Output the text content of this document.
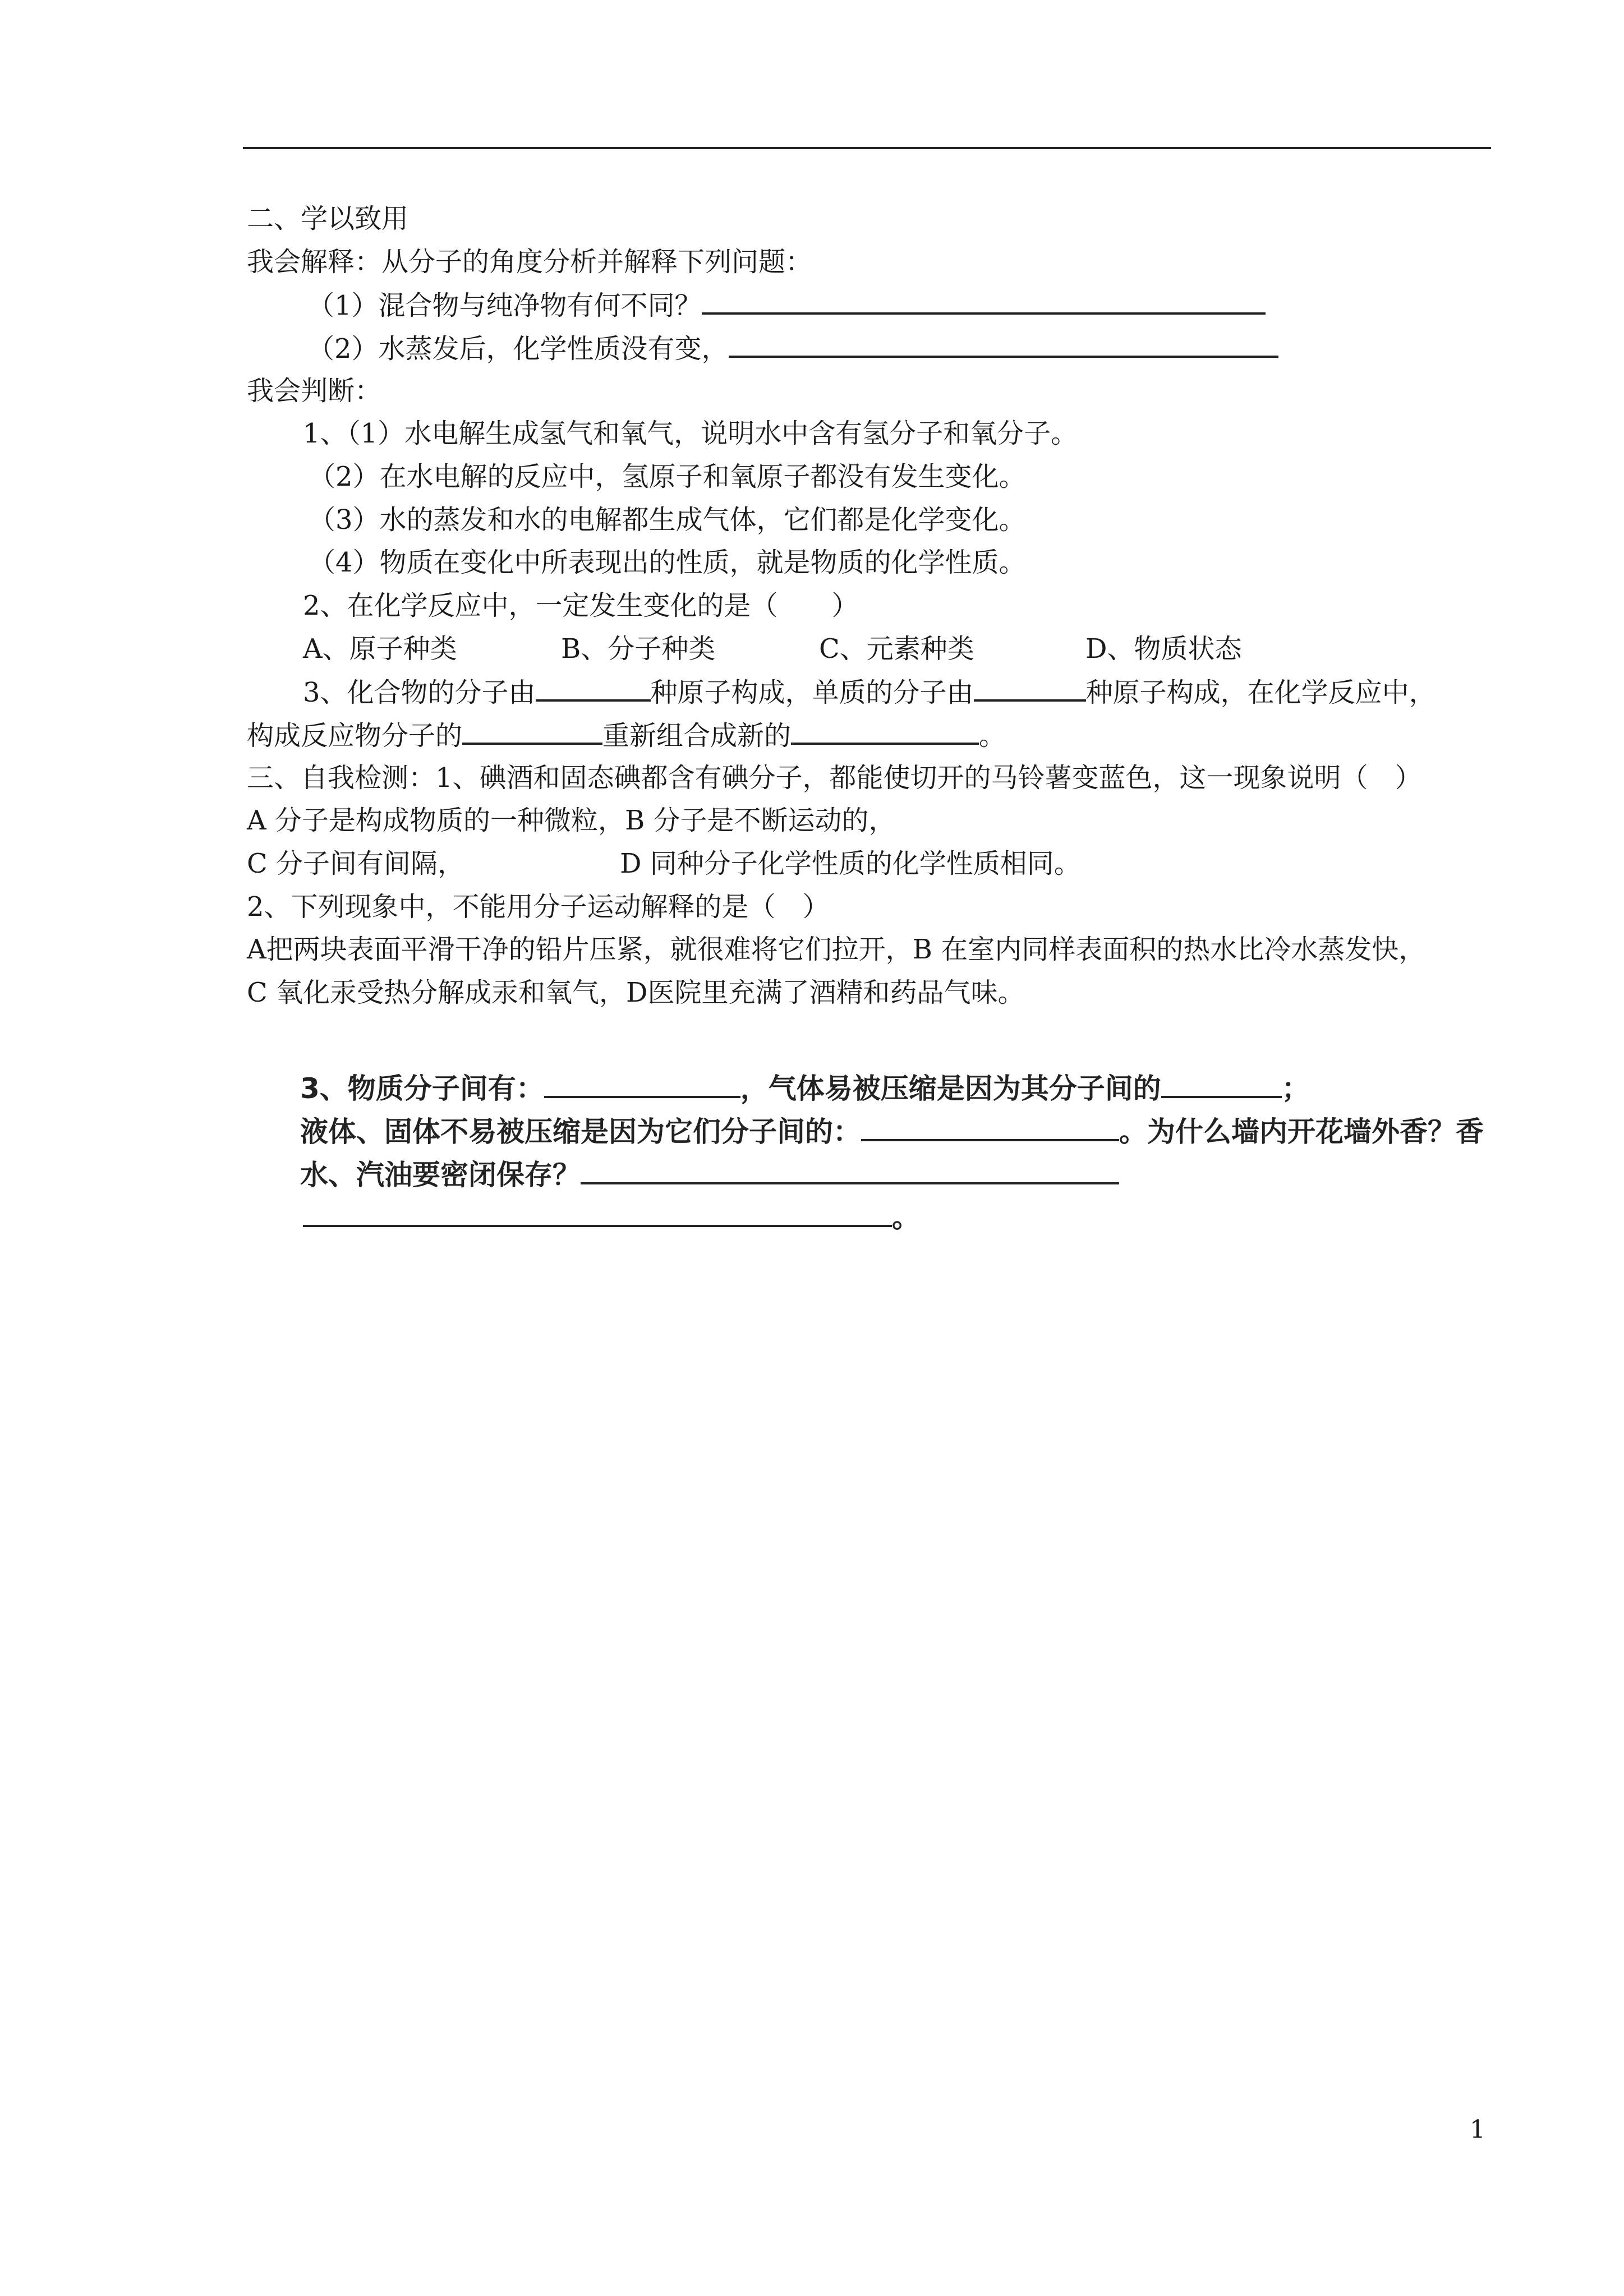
二、学以致用
我会解释：从分子的角度分析并解释下列问题：
（1）混合物与纯净物有何不同？
（2）水蒸发后，化学性质没有变，
我会判断：
1、（1）水电解生成氢气和氧气，说明水中含有氢分子和氧分子。
（2）在水电解的反应中，氢原子和氧原子都没有发生变化。
（3）水的蒸发和水的电解都生成气体，它们都是化学变化。
（4）物质在变化中所表现出的性质，就是物质的化学性质。
2、在化学反应中，一定发生变化的是（　　）
A、原子种类	B、分子种类	C、元素种类	D、物质状态
3、化合物的分子由	种原子构成，单质的分子由	种原子构成，在化学反应中，
构成反应物分子的	重新组合成新的	。
三、自我检测：1、碘酒和固态碘都含有碘分子，都能使切开的马铃薯变蓝色，这一现象说明（　）
A 分子是构成物质的一种微粒，B 分子是不断运动的，
C 分子间有间隔，	D 同种分子化学性质的化学性质相同。
2、下列现象中，不能用分子运动解释的是（　）
A把两块表面平滑干净的铅片压紧，就很难将它们拉开，B 在室内同样表面积的热水比冷水蒸发快，
C 氧化汞受热分解成汞和氧气，D医院里充满了酒精和药品气味。
3、物质分子间有：	，气体易被压缩是因为其分子间的	；
液体、固体不易被压缩是因为它们分子间的：	。为什么墙内开花墙外香？香
水、汽油要密闭保存？
。
1
